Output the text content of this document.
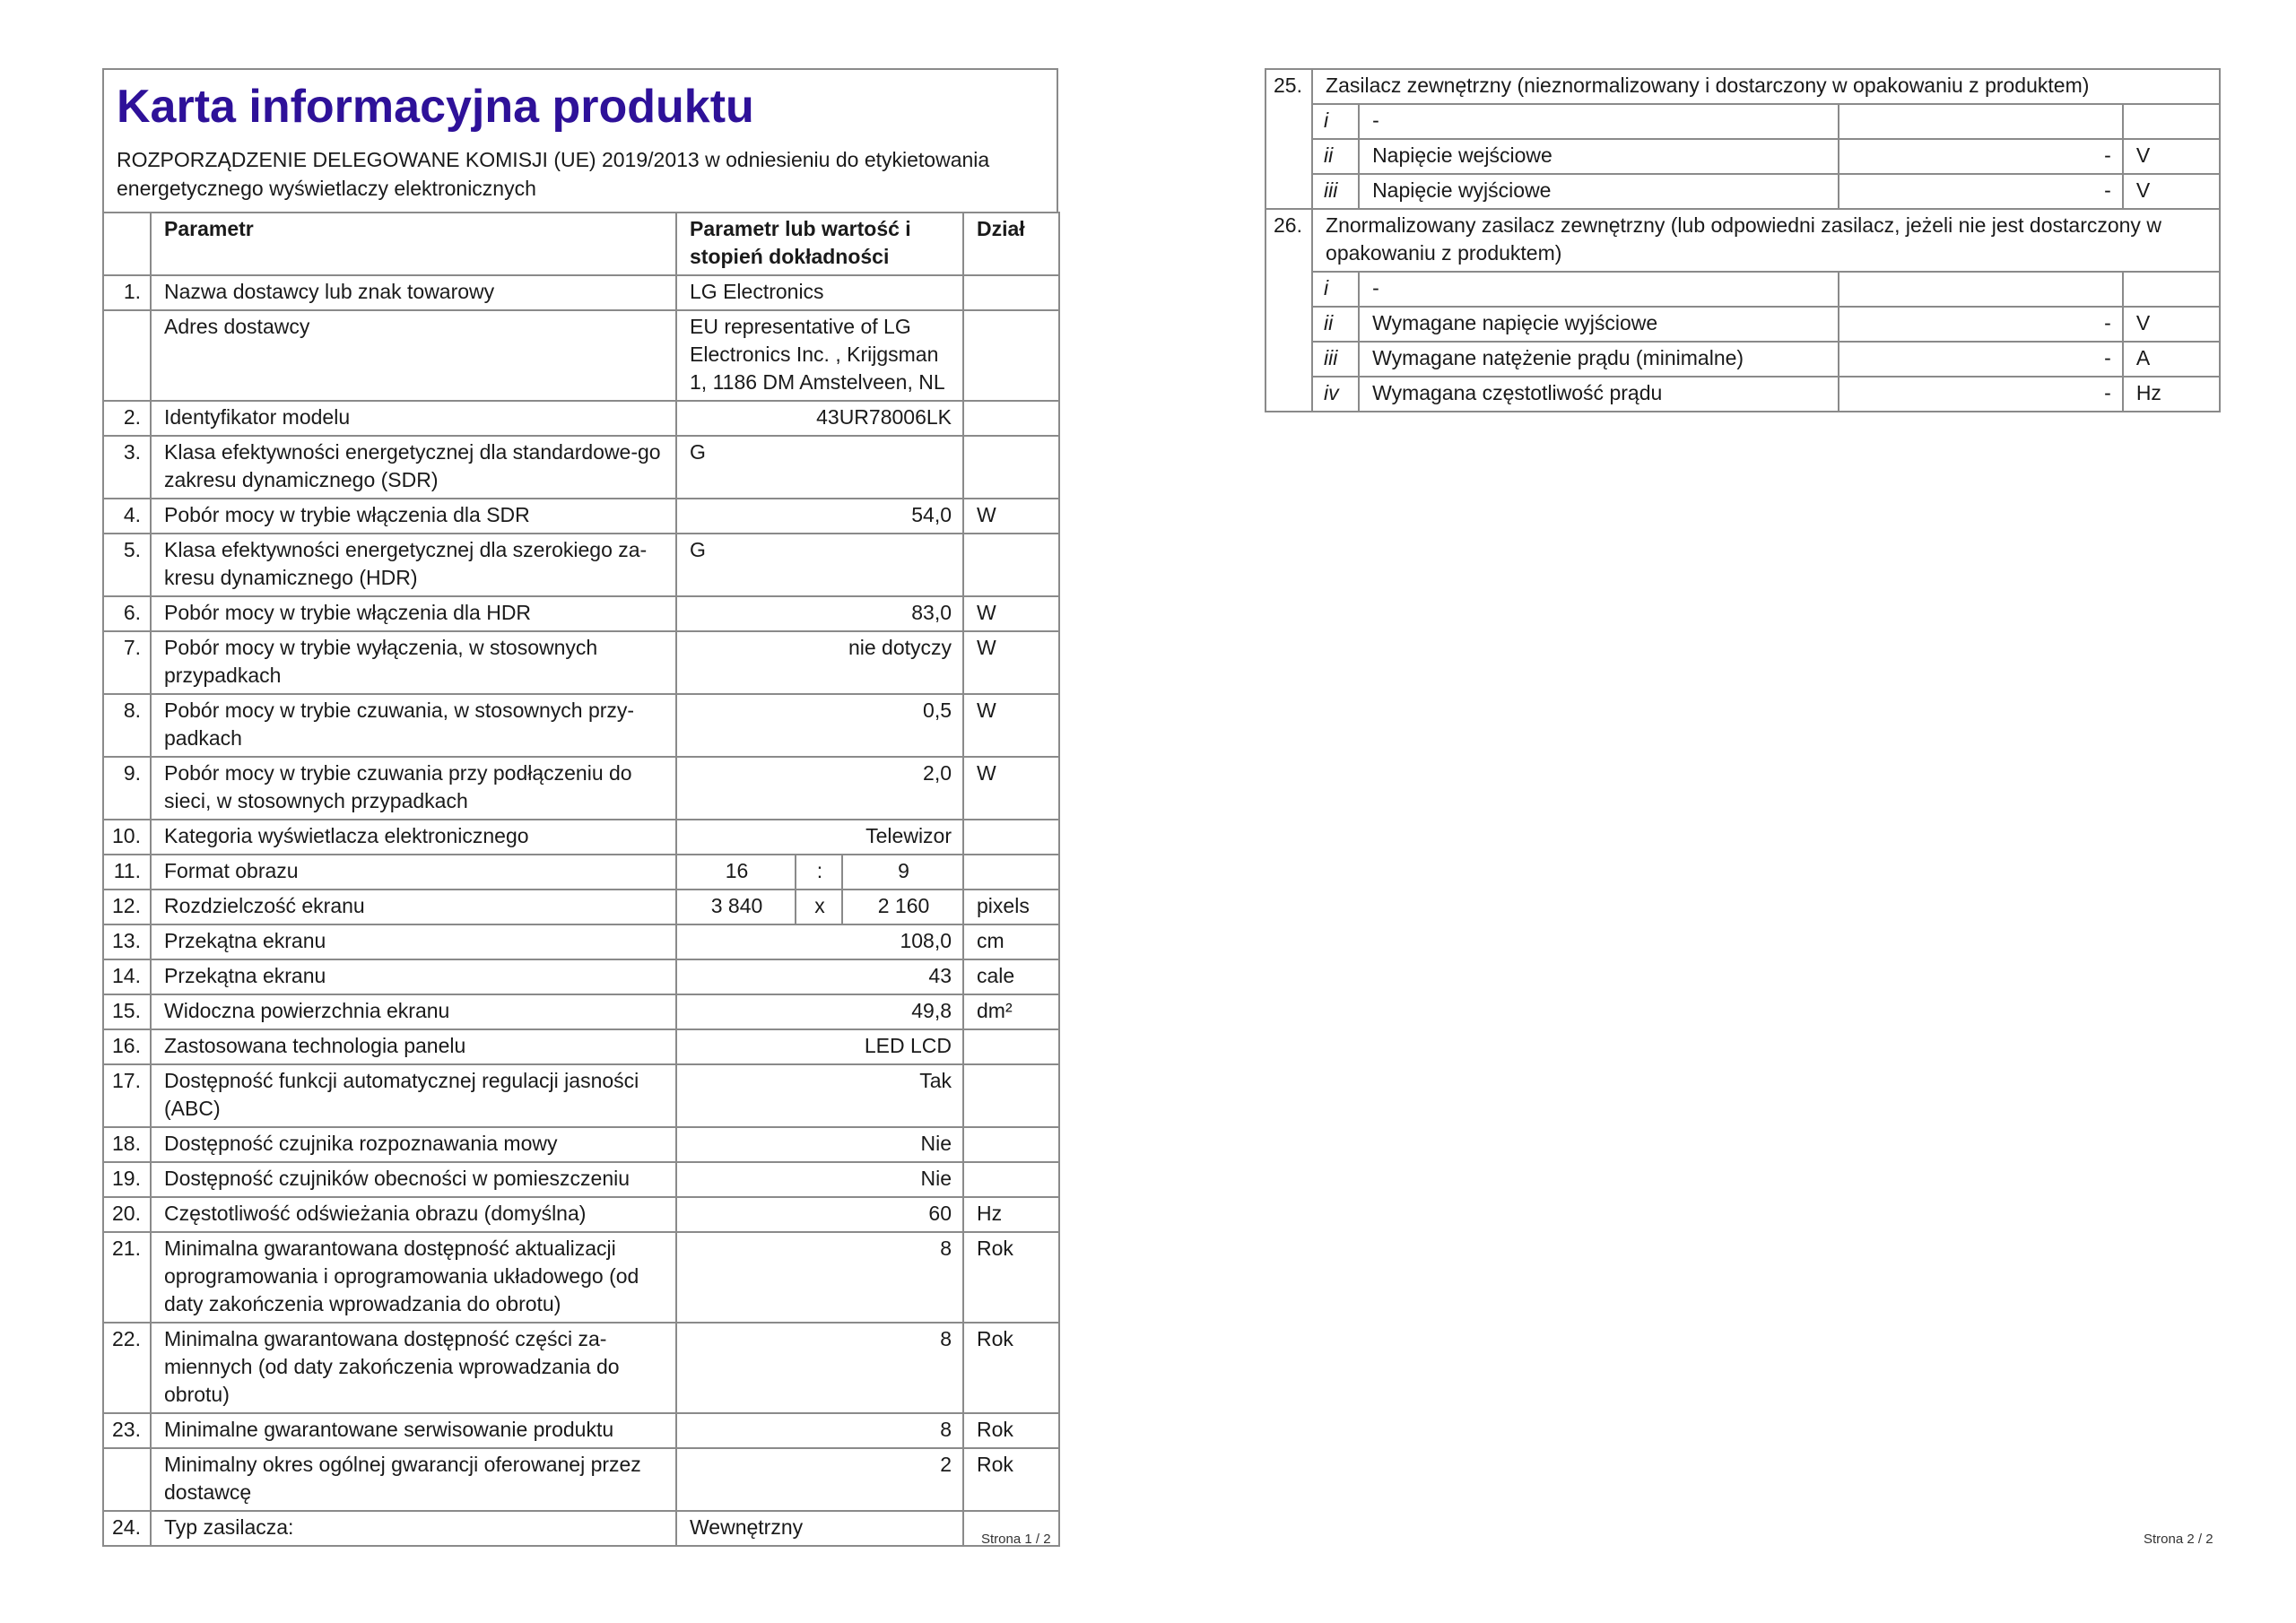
Karta informacyjna produktu
ROZPORZĄDZENIE DELEGOWANE KOMISJI (UE) 2019/2013 w odniesieniu do etykietowania energetycznego wyświetlaczy elektronicznych
	Parametr	Parametr lub wartość i stopień dokładności			Dział
1.	Nazwa dostawcy lub znak towarowy	LG Electronics			
	Adres dostawcy	EU representative of LG Electronics Inc. , Krijgsman 1, 1186 DM Amstelveen, NL			
2.	Identyfikator modelu	43UR78006LK			
3.	Klasa efektywności energetycznej dla standardowe-go zakresu dynamicznego (SDR)	G			
4.	Pobór mocy w trybie włączenia dla SDR	54,0			W
5.	Klasa efektywności energetycznej dla szerokiego za-kresu dynamicznego (HDR)	G			
6.	Pobór mocy w trybie włączenia dla HDR	83,0			W
7.	Pobór mocy w trybie wyłączenia, w stosownych przypadkach	nie dotyczy			W
8.	Pobór mocy w trybie czuwania, w stosownych przy-padkach	0,5			W
9.	Pobór mocy w trybie czuwania przy podłączeniu do sieci, w stosownych przypadkach	2,0			W
10.	Kategoria wyświetlacza elektronicznego	Telewizor			
11.	Format obrazu	16	:	9	
12.	Rozdzielczość ekranu	3 840	x	2 160	pixels
13.	Przekątna ekranu	108,0			cm
14.	Przekątna ekranu	43			cale
15.	Widoczna powierzchnia ekranu	49,8			dm²
16.	Zastosowana technologia panelu	LED LCD			
17.	Dostępność funkcji automatycznej regulacji jasności (ABC)	Tak			
18.	Dostępność czujnika rozpoznawania mowy	Nie			
19.	Dostępność czujników obecności w pomieszczeniu	Nie			
20.	Częstotliwość odświeżania obrazu (domyślna)	60			Hz
21.	Minimalna gwarantowana dostępność aktualizacji oprogramowania i oprogramowania układowego (od daty zakończenia wprowadzania do obrotu)	8			Rok
22.	Minimalna gwarantowana dostępność części za-miennych (od daty zakończenia wprowadzania do obrotu)	8			Rok
23.	Minimalne gwarantowane serwisowanie produktu	8			Rok
	Minimalny okres ogólnej gwarancji oferowanej przez dostawcę	2			Rok
24.	Typ zasilacza:	Wewnętrzny			
Strona 1 / 2
25.	Zasilacz zewnętrzny (nieznormalizowany i dostarczony w opakowaniu z produktem)			
	i	-		
	ii	Napięcie wejściowe	-	V
	iii	Napięcie wyjściowe	-	V
26.	Znormalizowany zasilacz zewnętrzny (lub odpowiedni zasilacz, jeżeli nie jest dostarczony w opakowaniu z produktem)			
	i	-		
	ii	Wymagane napięcie wyjściowe	-	V
	iii	Wymagane natężenie prądu (minimalne)	-	A
	iv	Wymagana częstotliwość prądu	-	Hz
Strona 2 / 2
